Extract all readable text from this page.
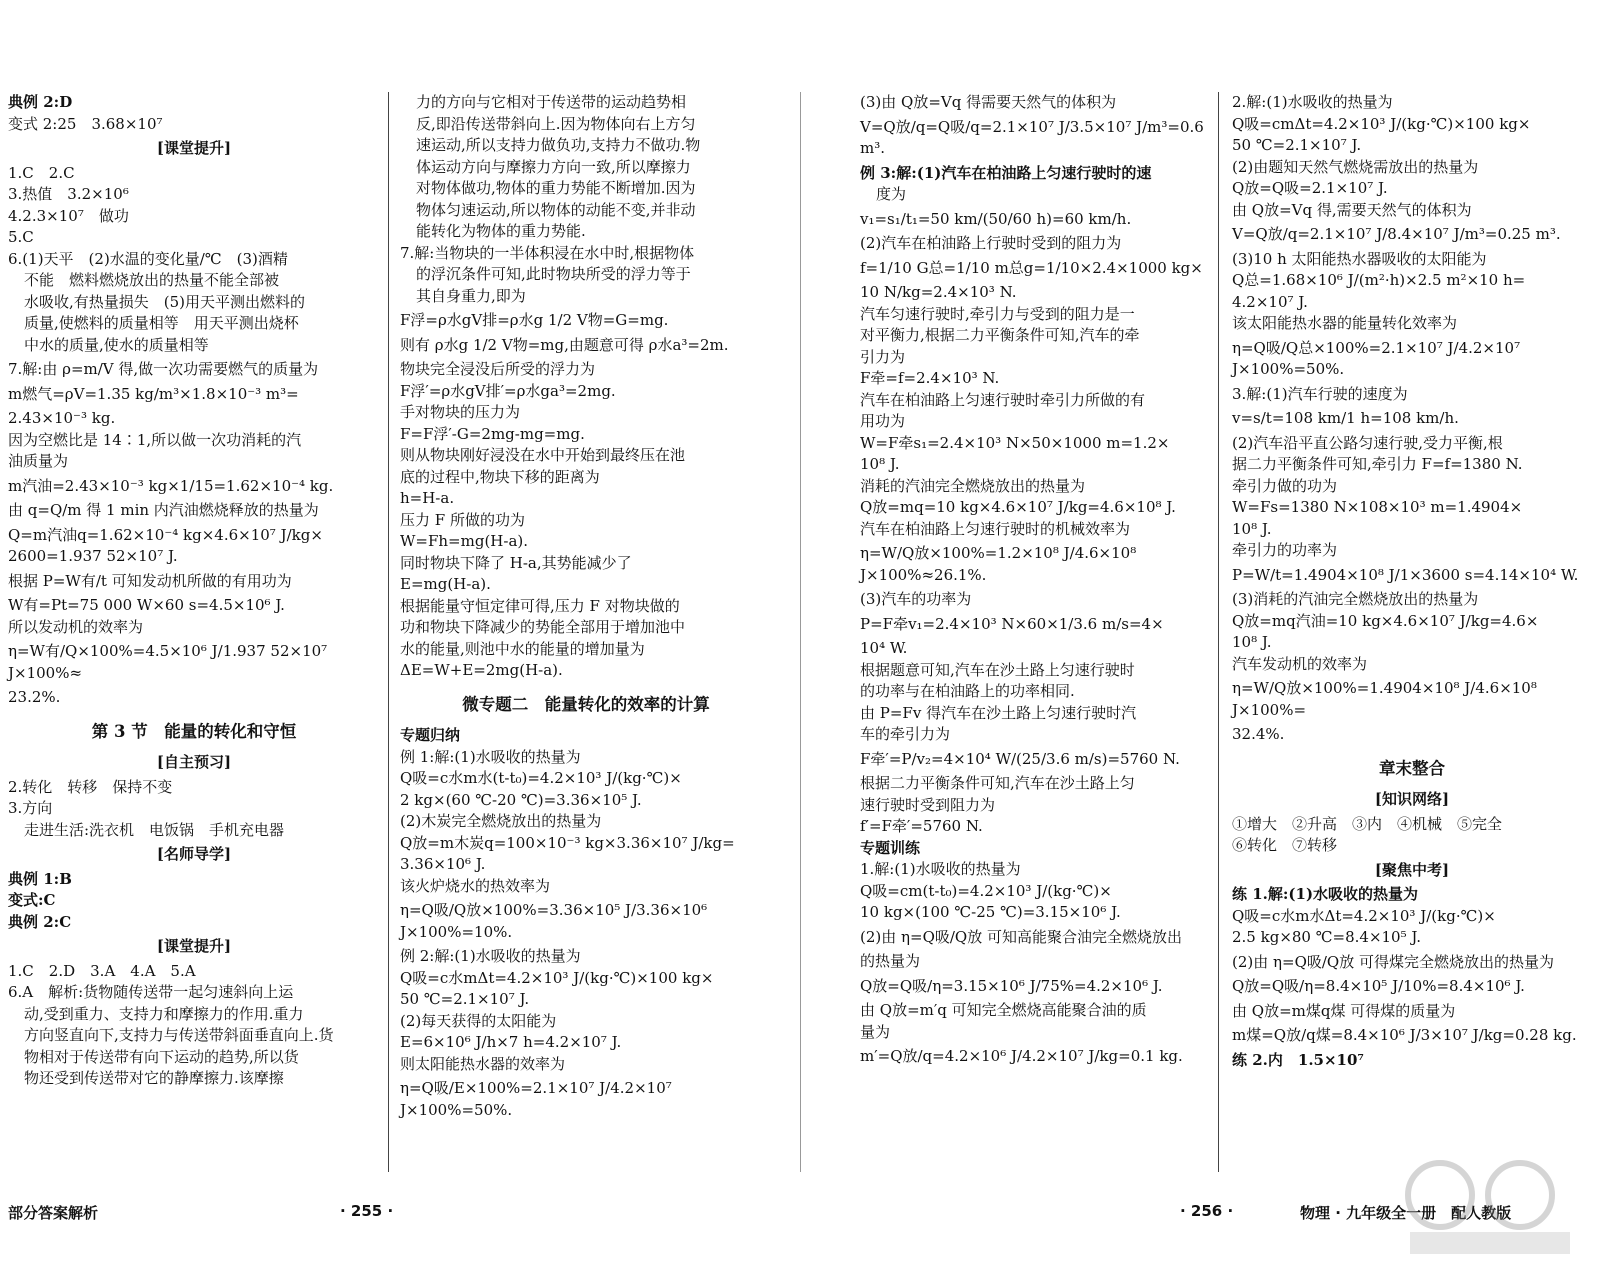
典例 2:D

变式 2:25　3.68×10⁷

[课堂提升]

1.C　2.C

3.热值　3.2×10⁶

4.2.3×10⁷　做功

5.C

6.(1)天平　(2)水温的变化量/℃　(3)酒精

不能　燃料燃烧放出的热量不能全部被

水吸收,有热量损失　(5)用天平测出燃料的

质量,使燃料的质量相等　用天平测出烧杯

中水的质量,使水的质量相等

7.解:由 ρ=m/V 得,做一次功需要燃气的质量为

m燃气=ρV=1.35 kg/m³×1.8×10⁻³ m³=

2.43×10⁻³ kg.

因为空燃比是 14∶1,所以做一次功消耗的汽

油质量为

m汽油=2.43×10⁻³ kg×1/15=1.62×10⁻⁴ kg.

由 q=Q/m 得 1 min 内汽油燃烧释放的热量为

Q=m汽油q=1.62×10⁻⁴ kg×4.6×10⁷ J/kg×

2600=1.937 52×10⁷ J.

根据 P=W有/t 可知发动机所做的有用功为

W有=Pt=75 000 W×60 s=4.5×10⁶ J.

所以发动机的效率为

η=W有/Q×100%=4.5×10⁶ J/1.937 52×10⁷ J×100%≈

23.2%.

第 3 节　能量的转化和守恒

[自主预习]

2.转化　转移　保持不变

3.方向

走进生活:洗衣机　电饭锅　手机充电器

[名师导学]

典例 1:B

变式:C

典例 2:C

[课堂提升]

1.C　2.D　3.A　4.A　5.A

6.A　解析:货物随传送带一起匀速斜向上运

动,受到重力、支持力和摩擦力的作用.重力

方向竖直向下,支持力与传送带斜面垂直向上.货

物相对于传送带有向下运动的趋势,所以货

物还受到传送带对它的静摩擦力.该摩擦

力的方向与它相对于传送带的运动趋势相

反,即沿传送带斜向上.因为物体向右上方匀

速运动,所以支持力做负功,支持力不做功.物

体运动方向与摩擦力方向一致,所以摩擦力

对物体做功,物体的重力势能不断增加.因为

物体匀速运动,所以物体的动能不变,并非动

能转化为物体的重力势能.

7.解:当物块的一半体积浸在水中时,根据物体

的浮沉条件可知,此时物块所受的浮力等于

其自身重力,即为

F浮=ρ水gV排=ρ水g 1/2 V物=G=mg.

则有 ρ水g 1/2 V物=mg,由题意可得 ρ水a³=2m.

物块完全浸没后所受的浮力为

F浮′=ρ水gV排′=ρ水ga³=2mg.

手对物块的压力为

F=F浮′-G=2mg-mg=mg.

则从物块刚好浸没在水中开始到最终压在池

底的过程中,物块下移的距离为

h=H-a.

压力 F 所做的功为

W=Fh=mg(H-a).

同时物块下降了 H-a,其势能减少了

E=mg(H-a).

根据能量守恒定律可得,压力 F 对物块做的

功和物块下降减少的势能全部用于增加池中

水的能量,则池中水的能量的增加量为

ΔE=W+E=2mg(H-a).

微专题二　能量转化的效率的计算

专题归纳

例 1:解:(1)水吸收的热量为

Q吸=c水m水(t-t₀)=4.2×10³ J/(kg·℃)×

2 kg×(60 ℃-20 ℃)=3.36×10⁵ J.

(2)木炭完全燃烧放出的热量为

Q放=m木炭q=100×10⁻³ kg×3.36×10⁷ J/kg=

3.36×10⁶ J.

该火炉烧水的热效率为

η=Q吸/Q放×100%=3.36×10⁵ J/3.36×10⁶ J×100%=10%.

例 2:解:(1)水吸收的热量为

Q吸=c水mΔt=4.2×10³ J/(kg·℃)×100 kg×

50 ℃=2.1×10⁷ J.

(2)每天获得的太阳能为

E=6×10⁶ J/h×7 h=4.2×10⁷ J.

则太阳能热水器的效率为

η=Q吸/E×100%=2.1×10⁷ J/4.2×10⁷ J×100%=50%.

(3)由 Q放=Vq 得需要天然气的体积为

V=Q放/q=Q吸/q=2.1×10⁷ J/3.5×10⁷ J/m³=0.6 m³.

例 3:解:(1)汽车在柏油路上匀速行驶时的速

度为

v₁=s₁/t₁=50 km/(50/60 h)=60 km/h.

(2)汽车在柏油路上行驶时受到的阻力为

f=1/10 G总=1/10 m总g=1/10×2.4×1000 kg×

10 N/kg=2.4×10³ N.

汽车匀速行驶时,牵引力与受到的阻力是一

对平衡力,根据二力平衡条件可知,汽车的牵

引力为

F牵=f=2.4×10³ N.

汽车在柏油路上匀速行驶时牵引力所做的有

用功为

W=F牵s₁=2.4×10³ N×50×1000 m=1.2×

10⁸ J.

消耗的汽油完全燃烧放出的热量为

Q放=mq=10 kg×4.6×10⁷ J/kg=4.6×10⁸ J.

汽车在柏油路上匀速行驶时的机械效率为

η=W/Q放×100%=1.2×10⁸ J/4.6×10⁸ J×100%≈26.1%.

(3)汽车的功率为

P=F牵v₁=2.4×10³ N×60×1/3.6 m/s=4×

10⁴ W.

根据题意可知,汽车在沙土路上匀速行驶时

的功率与在柏油路上的功率相同.

由 P=Fv 得汽车在沙土路上匀速行驶时汽

车的牵引力为

F牵′=P/v₂=4×10⁴ W/(25/3.6 m/s)=5760 N.

根据二力平衡条件可知,汽车在沙土路上匀

速行驶时受到阻力为

f′=F牵′=5760 N.

专题训练

1.解:(1)水吸收的热量为

Q吸=cm(t-t₀)=4.2×10³ J/(kg·℃)×

10 kg×(100 ℃-25 ℃)=3.15×10⁶ J.

(2)由 η=Q吸/Q放 可知高能聚合油完全燃烧放出

的热量为

Q放=Q吸/η=3.15×10⁶ J/75%=4.2×10⁶ J.

由 Q放=m′q 可知完全燃烧高能聚合油的质

量为

m′=Q放/q=4.2×10⁶ J/4.2×10⁷ J/kg=0.1 kg.

2.解:(1)水吸收的热量为

Q吸=cmΔt=4.2×10³ J/(kg·℃)×100 kg×

50 ℃=2.1×10⁷ J.

(2)由题知天然气燃烧需放出的热量为

Q放=Q吸=2.1×10⁷ J.

由 Q放=Vq 得,需要天然气的体积为

V=Q放/q=2.1×10⁷ J/8.4×10⁷ J/m³=0.25 m³.

(3)10 h 太阳能热水器吸收的太阳能为

Q总=1.68×10⁶ J/(m²·h)×2.5 m²×10 h=

4.2×10⁷ J.

该太阳能热水器的能量转化效率为

η=Q吸/Q总×100%=2.1×10⁷ J/4.2×10⁷ J×100%=50%.

3.解:(1)汽车行驶的速度为

v=s/t=108 km/1 h=108 km/h.

(2)汽车沿平直公路匀速行驶,受力平衡,根

据二力平衡条件可知,牵引力 F=f=1380 N.

牵引力做的功为

W=Fs=1380 N×108×10³ m=1.4904×

10⁸ J.

牵引力的功率为

P=W/t=1.4904×10⁸ J/1×3600 s=4.14×10⁴ W.

(3)消耗的汽油完全燃烧放出的热量为

Q放=mq汽油=10 kg×4.6×10⁷ J/kg=4.6×

10⁸ J.

汽车发动机的效率为

η=W/Q放×100%=1.4904×10⁸ J/4.6×10⁸ J×100%=

32.4%.

章末整合

[知识网络]

①增大　②升高　③内　④机械　⑤完全

⑥转化　⑦转移

[聚焦中考]

练 1.解:(1)水吸收的热量为

Q吸=c水m水Δt=4.2×10³ J/(kg·℃)×

2.5 kg×80 ℃=8.4×10⁵ J.

(2)由 η=Q吸/Q放 可得煤完全燃烧放出的热量为

Q放=Q吸/η=8.4×10⁵ J/10%=8.4×10⁶ J.

由 Q放=m煤q煤 可得煤的质量为

m煤=Q放/q煤=8.4×10⁶ J/3×10⁷ J/kg=0.28 kg.

练 2.内　1.5×10⁷

部分答案解析	· 255 ·	· 256 ·	物理 · 九年级全一册　配人教版
